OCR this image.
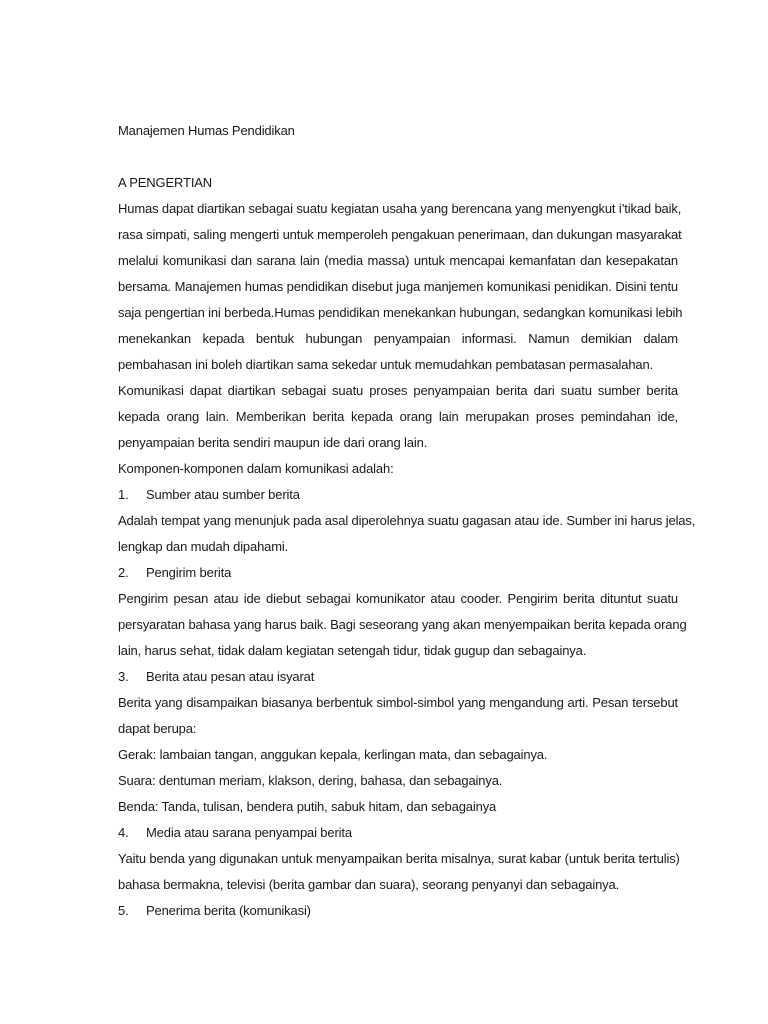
Manajemen Humas Pendidikan
A PENGERTIAN
Humas dapat diartikan sebagai suatu kegiatan usaha yang berencana yang menyengkut i’tikad baik,
rasa simpati, saling mengerti untuk memperoleh pengakuan penerimaan, dan dukungan masyarakat
melalui komunikasi dan sarana lain (media massa) untuk mencapai kemanfatan dan kesepakatan
bersama. Manajemen humas pendidikan disebut juga manjemen komunikasi penidikan. Disini tentu
saja pengertian ini berbeda.Humas pendidikan menekankan hubungan, sedangkan komunikasi lebih
menekankan kepada bentuk hubungan penyampaian informasi. Namun demikian dalam
pembahasan ini boleh diartikan sama sekedar untuk memudahkan pembatasan permasalahan.
Komunikasi dapat diartikan sebagai suatu proses penyampaian berita dari suatu sumber berita
kepada orang lain. Memberikan berita kepada orang lain merupakan proses pemindahan ide,
penyampaian berita sendiri maupun ide dari orang lain.
Komponen-komponen dalam komunikasi adalah:
1.	Sumber atau sumber berita
Adalah tempat yang menunjuk pada asal diperolehnya suatu gagasan atau ide. Sumber ini harus jelas,
lengkap dan mudah dipahami.
2.	Pengirim berita
Pengirim pesan atau ide diebut sebagai komunikator atau cooder. Pengirim berita dituntut suatu
persyaratan bahasa yang harus baik. Bagi seseorang yang akan menyempaikan berita kepada orang
lain, harus sehat, tidak dalam kegiatan setengah tidur, tidak gugup dan sebagainya.
3.	Berita atau pesan atau isyarat
Berita yang disampaikan biasanya berbentuk simbol-simbol yang mengandung arti. Pesan tersebut
dapat berupa:
Gerak: lambaian tangan, anggukan kepala, kerlingan mata, dan sebagainya.
Suara: dentuman meriam, klakson, dering, bahasa, dan sebagainya.
Benda: Tanda, tulisan, bendera putih, sabuk hitam, dan sebagainya
4.	Media atau sarana penyampai berita
Yaitu benda yang digunakan untuk menyampaikan berita misalnya, surat kabar (untuk berita tertulis)
bahasa bermakna, televisi (berita gambar dan suara), seorang penyanyi dan sebagainya.
5.	Penerima berita (komunikasi)
